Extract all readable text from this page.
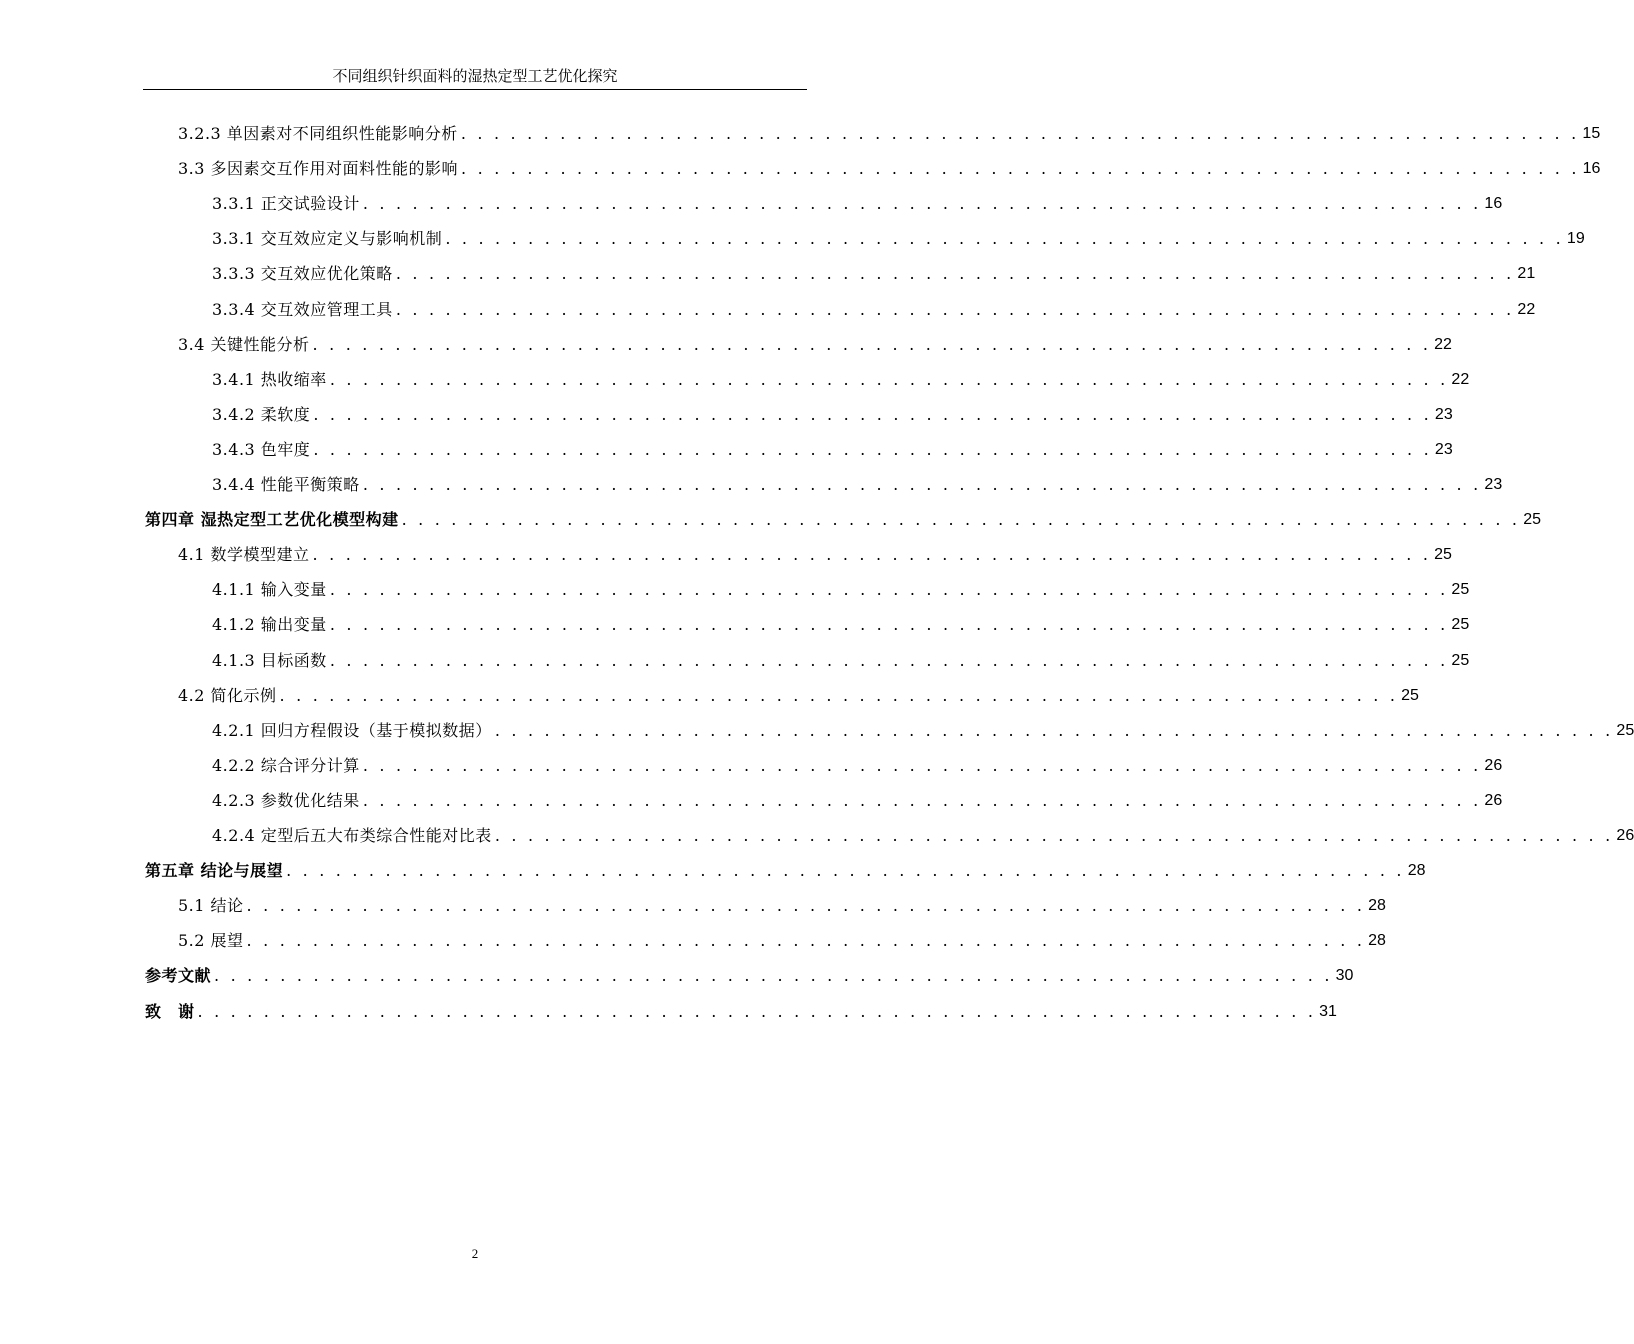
不同组织针织面料的湿热定型工艺优化探究
3.2.3 单因素对不同组织性能影响分析 . . . . . . . . . . . . . . . . . . . . . . . . . . . . . . . . . . . . . . . . . . . . . . . . . . . . . . . . . . . . . . . . . . . . 15
3.3 多因素交互作用对面料性能的影响 . . . . . . . . . . . . . . . . . . . . . . . . . . . . . . . . . . . . . . . . . . . . . . . . . . . . . . . . . . . . . . . . . . . . 16
3.3.1 正交试验设计 . . . . . . . . . . . . . . . . . . . . . . . . . . . . . . . . . . . . . . . . . . . . . . . . . . . . . . . . . . . . . . . . . . . . 16
3.3.1 交互效应定义与影响机制 . . . . . . . . . . . . . . . . . . . . . . . . . . . . . . . . . . . . . . . . . . . . . . . . . . . . . . . . . . . . . . . . . . . . 19
3.3.3 交互效应优化策略 . . . . . . . . . . . . . . . . . . . . . . . . . . . . . . . . . . . . . . . . . . . . . . . . . . . . . . . . . . . . . . . . . . . . 21
3.3.4 交互效应管理工具 . . . . . . . . . . . . . . . . . . . . . . . . . . . . . . . . . . . . . . . . . . . . . . . . . . . . . . . . . . . . . . . . . . . . 22
3.4 关键性能分析 . . . . . . . . . . . . . . . . . . . . . . . . . . . . . . . . . . . . . . . . . . . . . . . . . . . . . . . . . . . . . . . . . . . . 22
3.4.1 热收缩率 . . . . . . . . . . . . . . . . . . . . . . . . . . . . . . . . . . . . . . . . . . . . . . . . . . . . . . . . . . . . . . . . . . . . 22
3.4.2 柔软度 . . . . . . . . . . . . . . . . . . . . . . . . . . . . . . . . . . . . . . . . . . . . . . . . . . . . . . . . . . . . . . . . . . . . 23
3.4.3 色牢度 . . . . . . . . . . . . . . . . . . . . . . . . . . . . . . . . . . . . . . . . . . . . . . . . . . . . . . . . . . . . . . . . . . . . 23
3.4.4 性能平衡策略 . . . . . . . . . . . . . . . . . . . . . . . . . . . . . . . . . . . . . . . . . . . . . . . . . . . . . . . . . . . . . . . . . . . . 23
第四章 湿热定型工艺优化模型构建 . . . . . . . . . . . . . . . . . . . . . . . . . . . . . . . . . . . . . . . . . . . . . . . . . . . . . . . . . . . . . . . . . . . . 25
4.1 数学模型建立 . . . . . . . . . . . . . . . . . . . . . . . . . . . . . . . . . . . . . . . . . . . . . . . . . . . . . . . . . . . . . . . . . . . . 25
4.1.1 输入变量 . . . . . . . . . . . . . . . . . . . . . . . . . . . . . . . . . . . . . . . . . . . . . . . . . . . . . . . . . . . . . . . . . . . . 25
4.1.2 输出变量 . . . . . . . . . . . . . . . . . . . . . . . . . . . . . . . . . . . . . . . . . . . . . . . . . . . . . . . . . . . . . . . . . . . . 25
4.1.3 目标函数 . . . . . . . . . . . . . . . . . . . . . . . . . . . . . . . . . . . . . . . . . . . . . . . . . . . . . . . . . . . . . . . . . . . . 25
4.2 简化示例 . . . . . . . . . . . . . . . . . . . . . . . . . . . . . . . . . . . . . . . . . . . . . . . . . . . . . . . . . . . . . . . . . . . . 25
4.2.1 回归方程假设（基于模拟数据） . . . . . . . . . . . . . . . . . . . . . . . . . . . . . . . . . . . . . . . . . . . . . . . . . . . . . . . . . . . . . . . . . . . . 25
4.2.2 综合评分计算 . . . . . . . . . . . . . . . . . . . . . . . . . . . . . . . . . . . . . . . . . . . . . . . . . . . . . . . . . . . . . . . . . . . . 26
4.2.3 参数优化结果 . . . . . . . . . . . . . . . . . . . . . . . . . . . . . . . . . . . . . . . . . . . . . . . . . . . . . . . . . . . . . . . . . . . . 26
4.2.4 定型后五大布类综合性能对比表 . . . . . . . . . . . . . . . . . . . . . . . . . . . . . . . . . . . . . . . . . . . . . . . . . . . . . . . . . . . . . . . . . . . . 26
第五章 结论与展望 . . . . . . . . . . . . . . . . . . . . . . . . . . . . . . . . . . . . . . . . . . . . . . . . . . . . . . . . . . . . . . . . . . . . 28
5.1 结论 . . . . . . . . . . . . . . . . . . . . . . . . . . . . . . . . . . . . . . . . . . . . . . . . . . . . . . . . . . . . . . . . . . . . 28
5.2 展望 . . . . . . . . . . . . . . . . . . . . . . . . . . . . . . . . . . . . . . . . . . . . . . . . . . . . . . . . . . . . . . . . . . . . 28
参考文献 . . . . . . . . . . . . . . . . . . . . . . . . . . . . . . . . . . . . . . . . . . . . . . . . . . . . . . . . . . . . . . . . . . . . 30
致　谢 . . . . . . . . . . . . . . . . . . . . . . . . . . . . . . . . . . . . . . . . . . . . . . . . . . . . . . . . . . . . . . . . . . . . 31
2
